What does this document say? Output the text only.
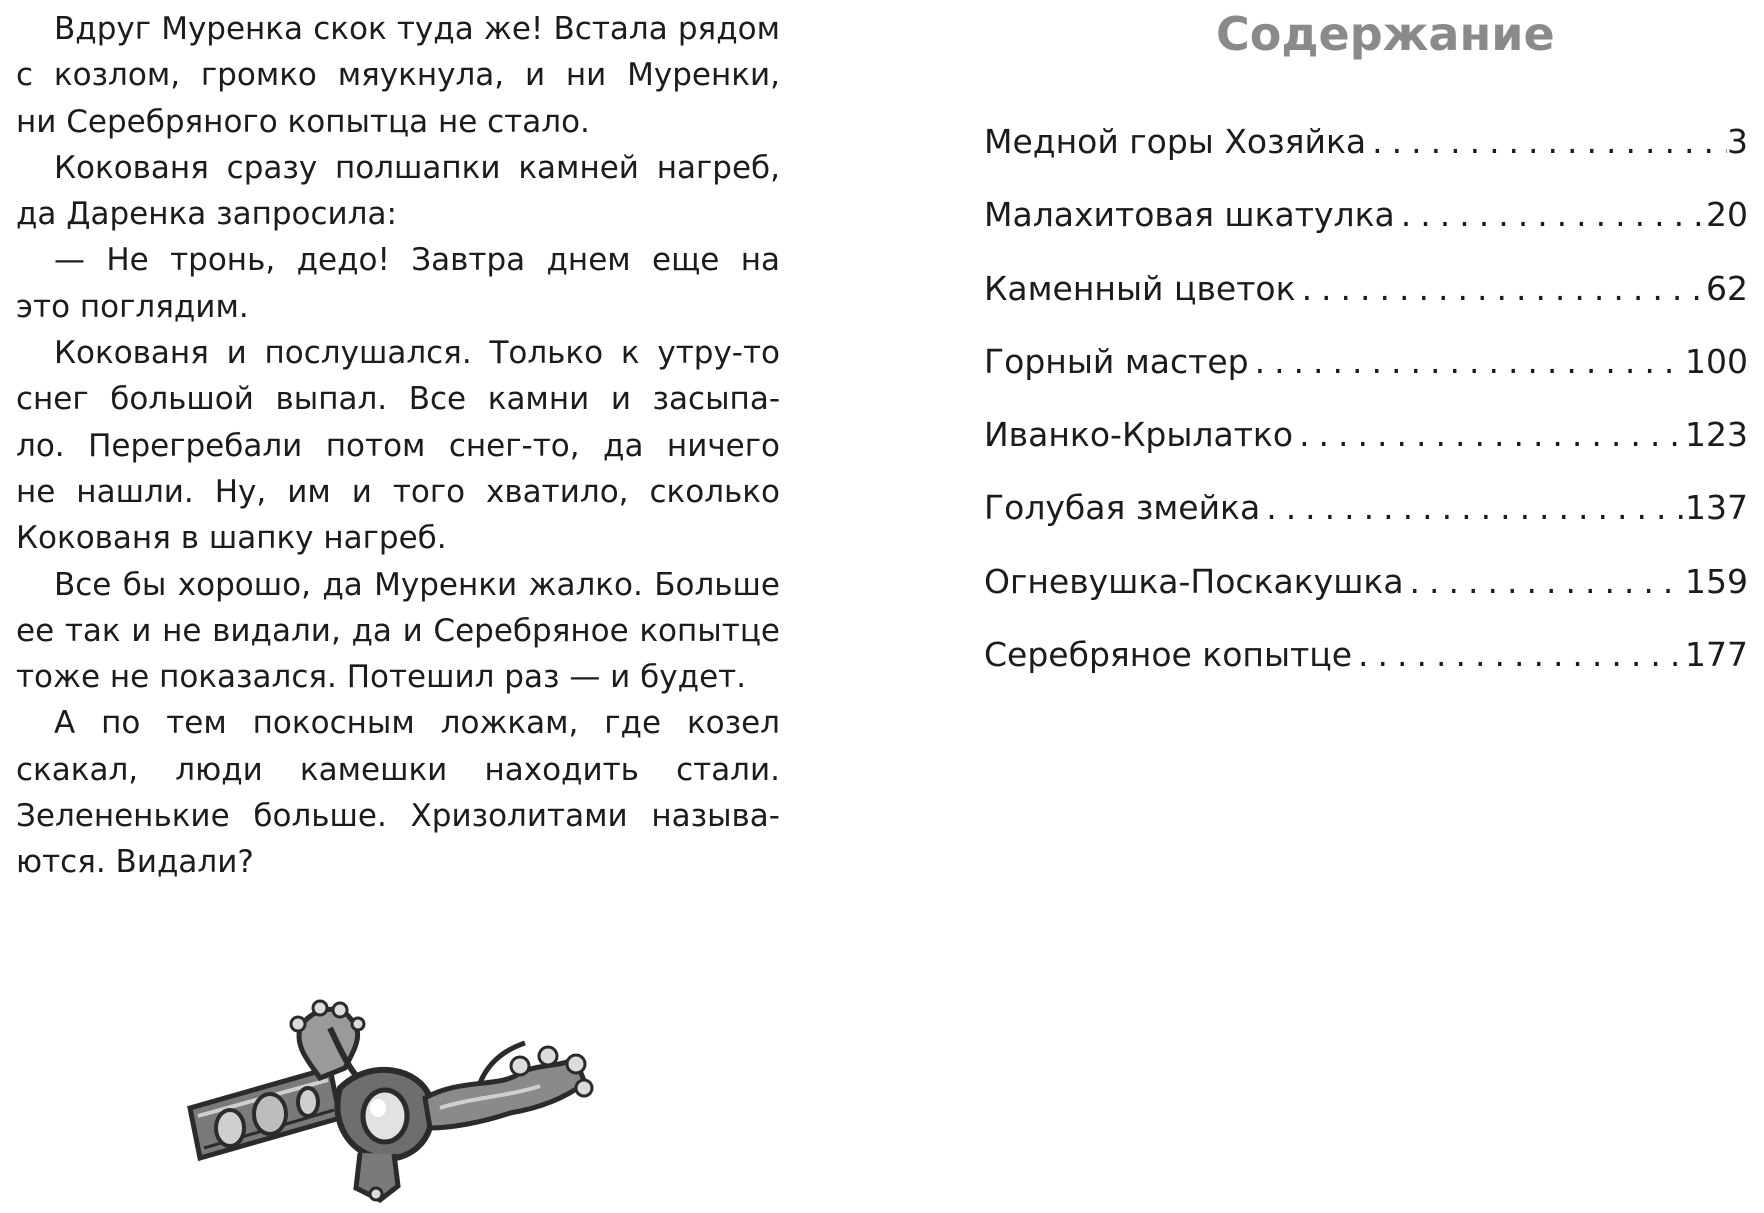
Вдруг Муренка скок туда же! Встала рядом
с козлом, громко мяукнула, и ни Муренки,
ни Серебряного копытца не стало.
Кокованя сразу полшапки камней нагреб,
да Даренка запросила:
— Не тронь, дедо! Завтра днем еще на
это поглядим.
Кокованя и послушался. Только к утру-то
снег большой выпал. Все камни и засыпа-
ло. Перегребали потом снег-то, да ничего
не нашли. Ну, им и того хватило, сколько
Кокованя в шапку нагреб.
Все бы хорошо, да Муренки жалко. Больше
ее так и не видали, да и Серебряное копытце
тоже не показался. Потешил раз — и будет.
А по тем покосным ложкам, где козел
скакал, люди камешки находить стали.
Зелененькие больше. Хризолитами называ-
ются. Видали?
Содержание
Медной горы Хозяйка .....	3
Малахитовая шкатулка .....	20
Каменный цветок .....	62
Горный мастер .....	100
Иванко-Крылатко .....	123
Голубая змейка .....	137
Огневушка-Поскакушка .....	159
Серебряное копытце .....	177
